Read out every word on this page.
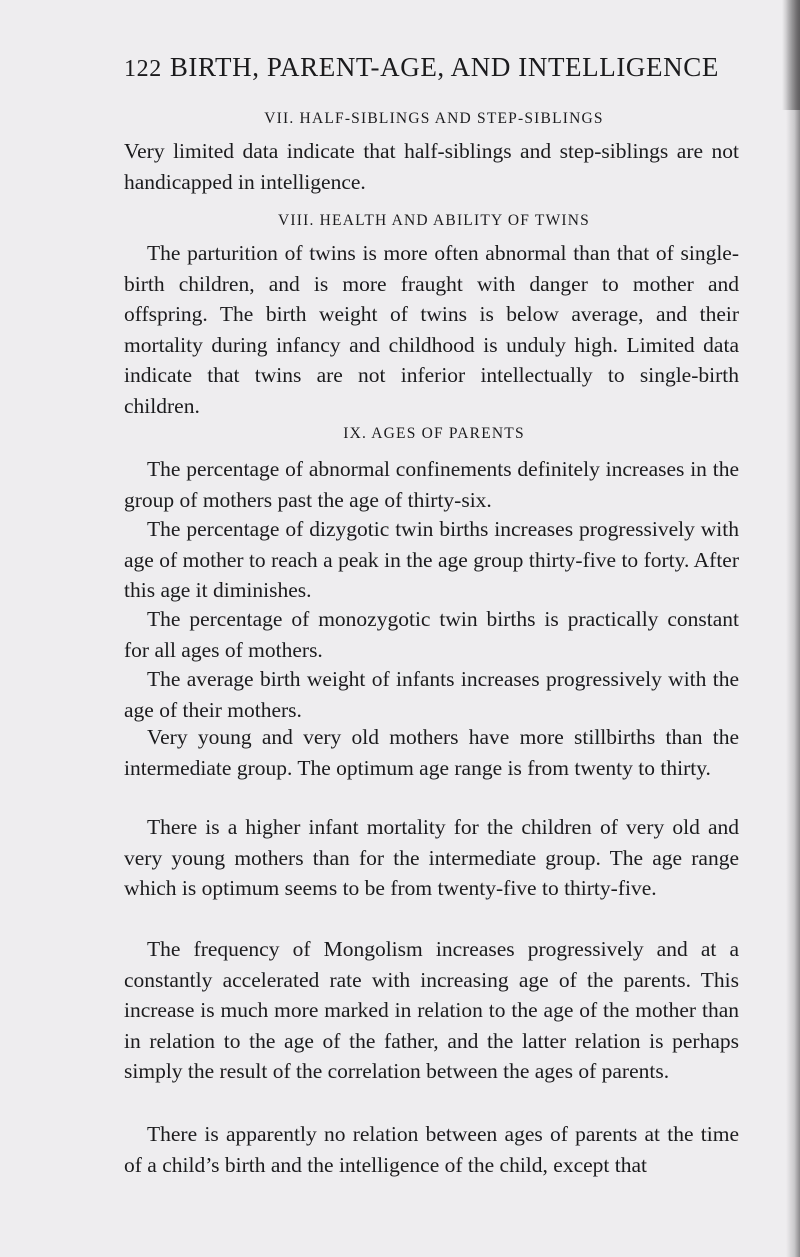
122 BIRTH, PARENT-AGE, AND INTELLIGENCE
VII. HALF-SIBLINGS AND STEP-SIBLINGS

Very limited data indicate that half-siblings and step-siblings are not handicapped in intelligence.

VIII. HEALTH AND ABILITY OF TWINS

The parturition of twins is more often abnormal than that of single-birth children, and is more fraught with danger to mother and offspring. The birth weight of twins is below average, and their mortality during infancy and childhood is unduly high. Limited data indicate that twins are not inferior intellectually to single-birth children.

IX. AGES OF PARENTS

The percentage of abnormal confinements definitely increases in the group of mothers past the age of thirty-six.

The percentage of dizygotic twin births increases progressively with age of mother to reach a peak in the age group thirty-five to forty. After this age it diminishes.

The percentage of monozygotic twin births is practically constant for all ages of mothers.

The average birth weight of infants increases progressively with the age of their mothers.

Very young and very old mothers have more stillbirths than the intermediate group. The optimum age range is from twenty to thirty.

There is a higher infant mortality for the children of very old and very young mothers than for the intermediate group. The age range which is optimum seems to be from twenty-five to thirty-five.

The frequency of Mongolism increases progressively and at a constantly accelerated rate with increasing age of the parents. This increase is much more marked in relation to the age of the mother than in relation to the age of the father, and the latter relation is perhaps simply the result of the correlation between the ages of parents.

There is apparently no relation between ages of parents at the time of a child’s birth and the intelligence of the child, except that
